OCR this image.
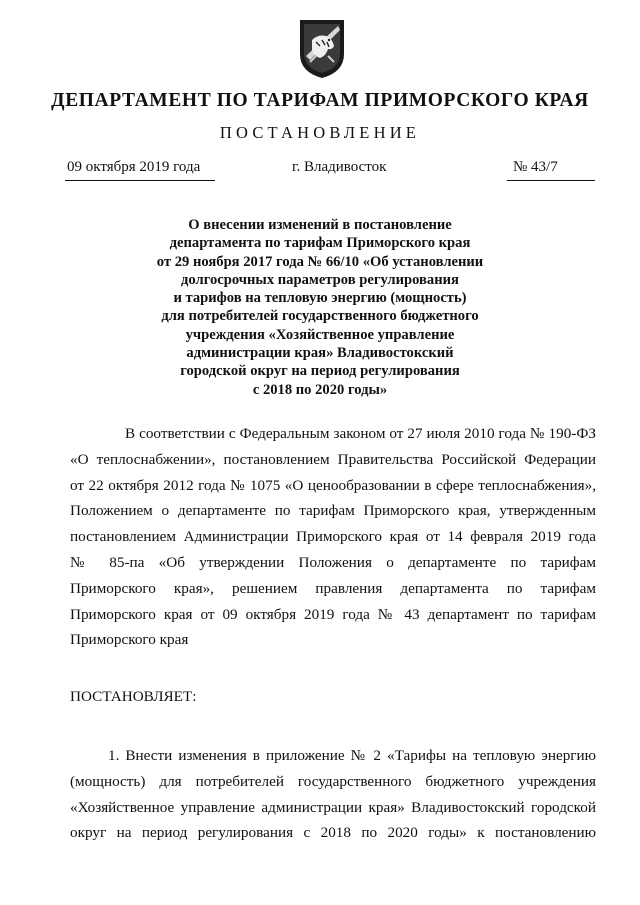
ДЕПАРТАМЕНТ ПО ТАРИФАМ ПРИМОРСКОГО КРАЯ
ПОСТАНОВЛЕНИЕ
09 октября 2019 года	г. Владивосток	№ 43/7
О внесении изменений в постановление
департамента по тарифам Приморского края
от 29 ноября 2017 года № 66/10 «Об установлении
долгосрочных параметров регулирования
и тарифов на тепловую энергию (мощность)
для потребителей государственного бюджетного
учреждения «Хозяйственное управление
администрации края» Владивостокский
городской округ на период регулирования
с 2018 по 2020 годы»
В соответствии с Федеральным законом от 27 июля 2010 года № 190-ФЗ
«О теплоснабжении», постановлением Правительства Российской Федерации
от 22 октября 2012 года № 1075 «О ценообразовании в сфере теплоснабжения»,
Положением о департаменте по тарифам Приморского края, утвержденным
постановлением Администрации Приморского края от 14 февраля 2019 года
№ 85-па «Об утверждении Положения о департаменте по тарифам
Приморского края», решением правления департамента по тарифам
Приморского края от 09 октября 2019 года № 43 департамент по тарифам
Приморского края
ПОСТАНОВЛЯЕТ:
1. Внести изменения в приложение № 2 «Тарифы на тепловую энергию
(мощность) для потребителей государственного бюджетного учреждения
«Хозяйственное управление администрации края» Владивостокский городской
округ на период регулирования с 2018 по 2020 годы» к постановлению
